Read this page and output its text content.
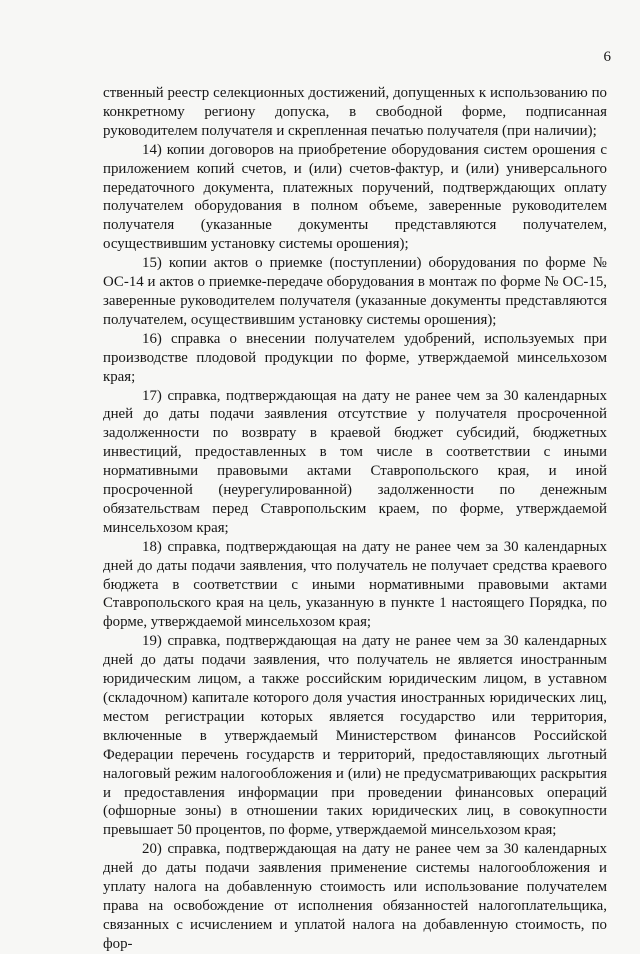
6

ственный реестр селекционных достижений, допущенных к использованию по конкретному региону допуска, в свободной форме, подписанная руководителем получателя и скрепленная печатью получателя (при наличии);

14) копии договоров на приобретение оборудования систем орошения с приложением копий счетов, и (или) счетов-фактур, и (или) универсального передаточного документа, платежных поручений, подтверждающих оплату получателем оборудования в полном объеме, заверенные руководителем получателя (указанные документы представляются получателем, осуществившим установку системы орошения);

15) копии актов о приемке (поступлении) оборудования по форме № ОС-14 и актов о приемке-передаче оборудования в монтаж по форме № ОС-15, заверенные руководителем получателя (указанные документы представляются получателем, осуществившим установку системы орошения);

16) справка о внесении получателем удобрений, используемых при производстве плодовой продукции по форме, утверждаемой минсельхозом края;

17) справка, подтверждающая на дату не ранее чем за 30 календарных дней до даты подачи заявления отсутствие у получателя просроченной задолженности по возврату в краевой бюджет субсидий, бюджетных инвестиций, предоставленных в том числе в соответствии с иными нормативными правовыми актами Ставропольского края, и иной просроченной (неурегулированной) задолженности по денежным обязательствам перед Ставропольским краем, по форме, утверждаемой минсельхозом края;

18) справка, подтверждающая на дату не ранее чем за 30 календарных дней до даты подачи заявления, что получатель не получает средства краевого бюджета в соответствии с иными нормативными правовыми актами Ставропольского края на цель, указанную в пункте 1 настоящего Порядка, по форме, утверждаемой минсельхозом края;

19) справка, подтверждающая на дату не ранее чем за 30 календарных дней до даты подачи заявления, что получатель не является иностранным юридическим лицом, а также российским юридическим лицом, в уставном (складочном) капитале которого доля участия иностранных юридических лиц, местом регистрации которых является государство или территория, включенные в утверждаемый Министерством финансов Российской Федерации перечень государств и территорий, предоставляющих льготный налоговый режим налогообложения и (или) не предусматривающих раскрытия и предоставления информации при проведении финансовых операций (офшорные зоны) в отношении таких юридических лиц, в совокупности превышает 50 процентов, по форме, утверждаемой минсельхозом края;

20) справка, подтверждающая на дату не ранее чем за 30 календарных дней до даты подачи заявления применение системы налогообложения и уплату налога на добавленную стоимость или использование получателем права на освобождение от исполнения обязанностей налогоплательщика, связанных с исчислением и уплатой налога на добавленную стоимость, по фор-
